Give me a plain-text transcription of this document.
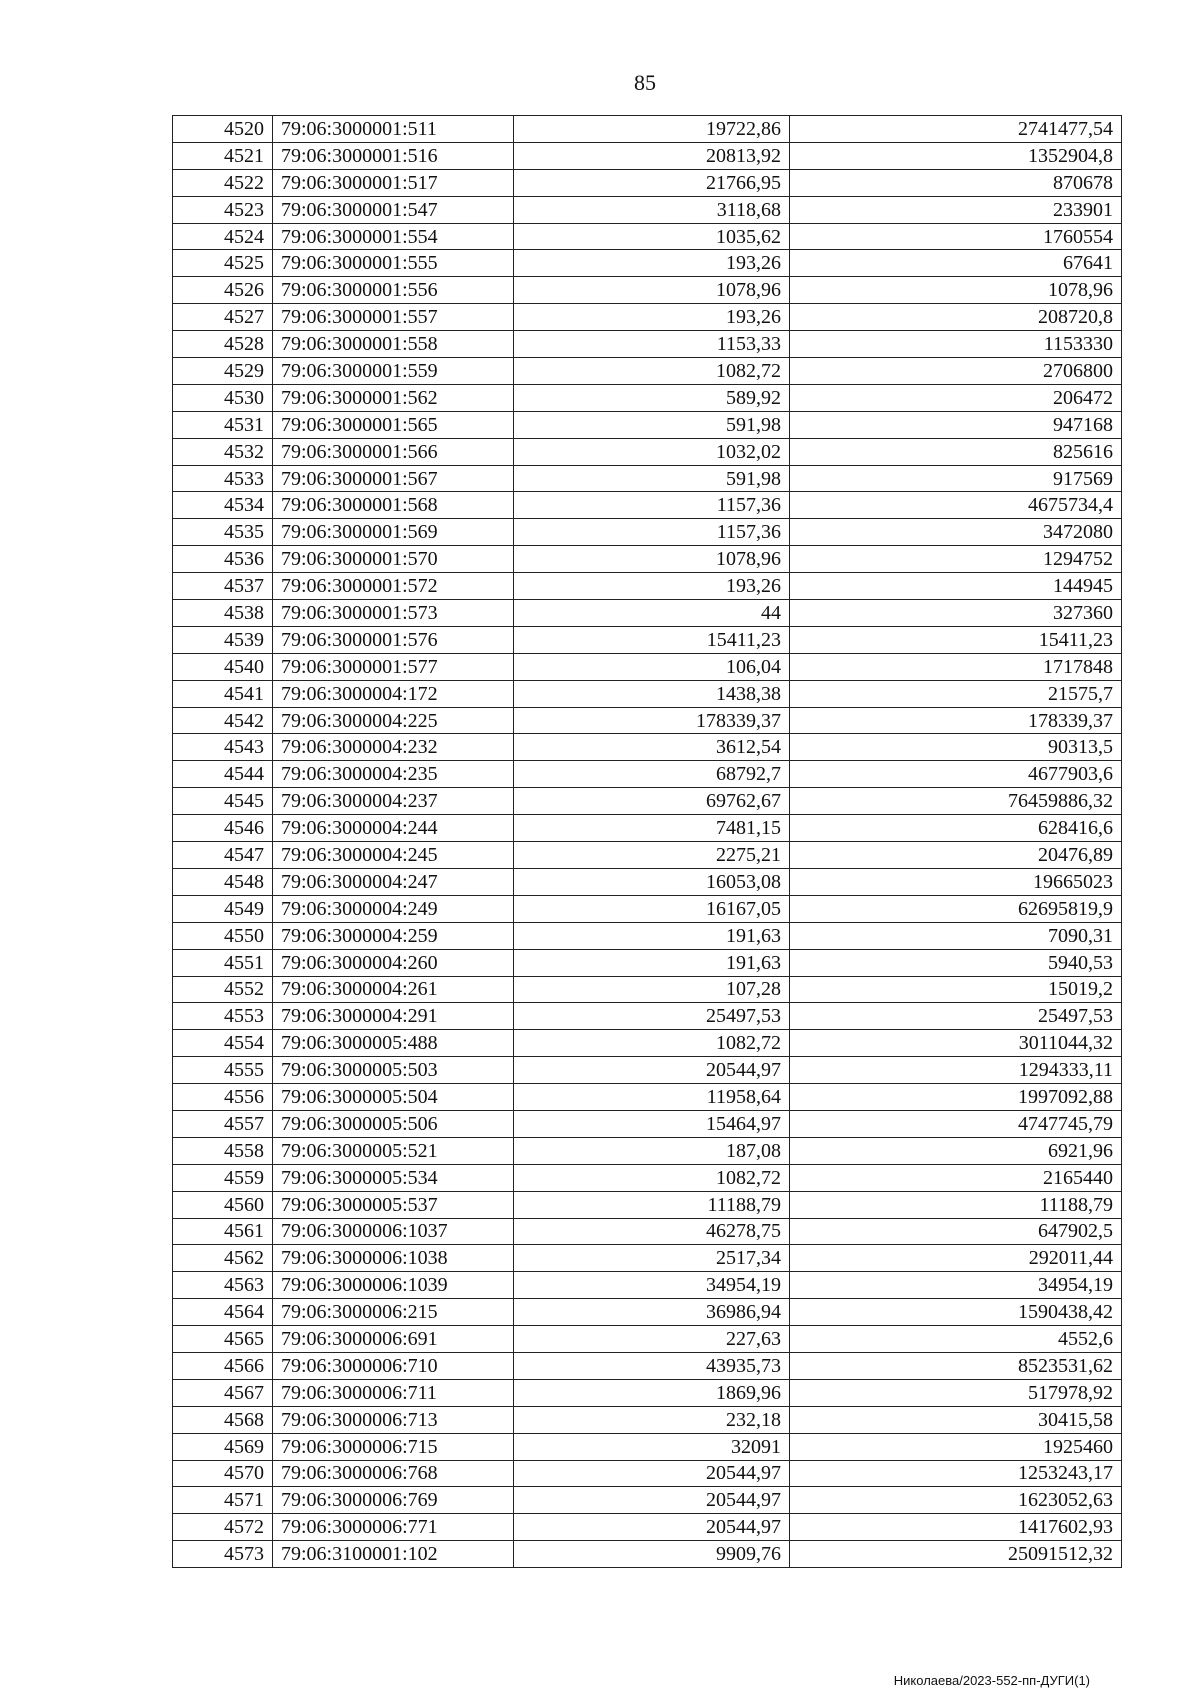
85
4520	79:06:3000001:511	19722,86	2741477,54
4521	79:06:3000001:516	20813,92	1352904,8
4522	79:06:3000001:517	21766,95	870678
4523	79:06:3000001:547	3118,68	233901
4524	79:06:3000001:554	1035,62	1760554
4525	79:06:3000001:555	193,26	67641
4526	79:06:3000001:556	1078,96	1078,96
4527	79:06:3000001:557	193,26	208720,8
4528	79:06:3000001:558	1153,33	1153330
4529	79:06:3000001:559	1082,72	2706800
4530	79:06:3000001:562	589,92	206472
4531	79:06:3000001:565	591,98	947168
4532	79:06:3000001:566	1032,02	825616
4533	79:06:3000001:567	591,98	917569
4534	79:06:3000001:568	1157,36	4675734,4
4535	79:06:3000001:569	1157,36	3472080
4536	79:06:3000001:570	1078,96	1294752
4537	79:06:3000001:572	193,26	144945
4538	79:06:3000001:573	44	327360
4539	79:06:3000001:576	15411,23	15411,23
4540	79:06:3000001:577	106,04	1717848
4541	79:06:3000004:172	1438,38	21575,7
4542	79:06:3000004:225	178339,37	178339,37
4543	79:06:3000004:232	3612,54	90313,5
4544	79:06:3000004:235	68792,7	4677903,6
4545	79:06:3000004:237	69762,67	76459886,32
4546	79:06:3000004:244	7481,15	628416,6
4547	79:06:3000004:245	2275,21	20476,89
4548	79:06:3000004:247	16053,08	19665023
4549	79:06:3000004:249	16167,05	62695819,9
4550	79:06:3000004:259	191,63	7090,31
4551	79:06:3000004:260	191,63	5940,53
4552	79:06:3000004:261	107,28	15019,2
4553	79:06:3000004:291	25497,53	25497,53
4554	79:06:3000005:488	1082,72	3011044,32
4555	79:06:3000005:503	20544,97	1294333,11
4556	79:06:3000005:504	11958,64	1997092,88
4557	79:06:3000005:506	15464,97	4747745,79
4558	79:06:3000005:521	187,08	6921,96
4559	79:06:3000005:534	1082,72	2165440
4560	79:06:3000005:537	11188,79	11188,79
4561	79:06:3000006:1037	46278,75	647902,5
4562	79:06:3000006:1038	2517,34	292011,44
4563	79:06:3000006:1039	34954,19	34954,19
4564	79:06:3000006:215	36986,94	1590438,42
4565	79:06:3000006:691	227,63	4552,6
4566	79:06:3000006:710	43935,73	8523531,62
4567	79:06:3000006:711	1869,96	517978,92
4568	79:06:3000006:713	232,18	30415,58
4569	79:06:3000006:715	32091	1925460
4570	79:06:3000006:768	20544,97	1253243,17
4571	79:06:3000006:769	20544,97	1623052,63
4572	79:06:3000006:771	20544,97	1417602,93
4573	79:06:3100001:102	9909,76	25091512,32
Николаева/2023-552-пп-ДУГИ(1)
